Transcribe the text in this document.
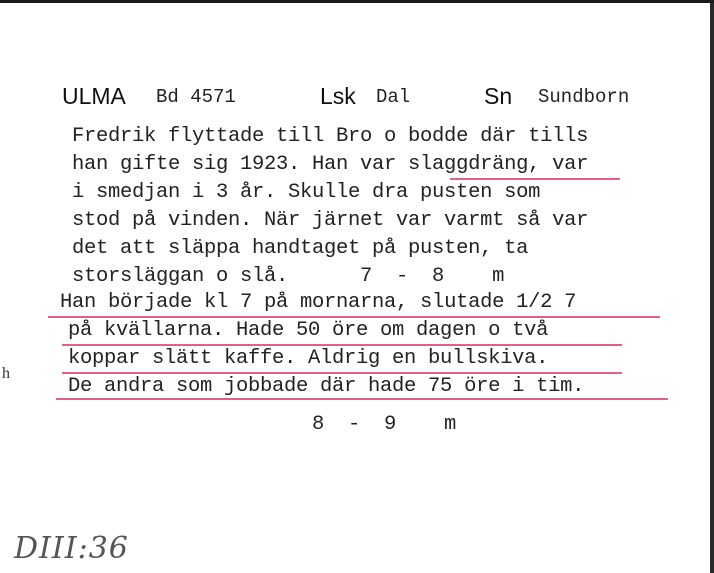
ULMA Bd 4571	Lsk Dal	Sn Sundborn
Fredrik flyttade till Bro o bodde där tills
han gifte sig 1923. Han var slaggdräng, var
i smedjan i 3 år. Skulle dra pusten som
stod på vinden. När järnet var varmt så var
det att släppa handtaget på pusten, ta
storsläggan o slå.      7  -  8    m
Han började kl 7 på mornarna, slutade 1/2 7
på kvällarna. Hade 50 öre om dagen o två
koppar slätt kaffe. Aldrig en bullskiva.
De andra som jobbade där hade 75 öre i tim.
8  -  9    m
h
DIII:36
